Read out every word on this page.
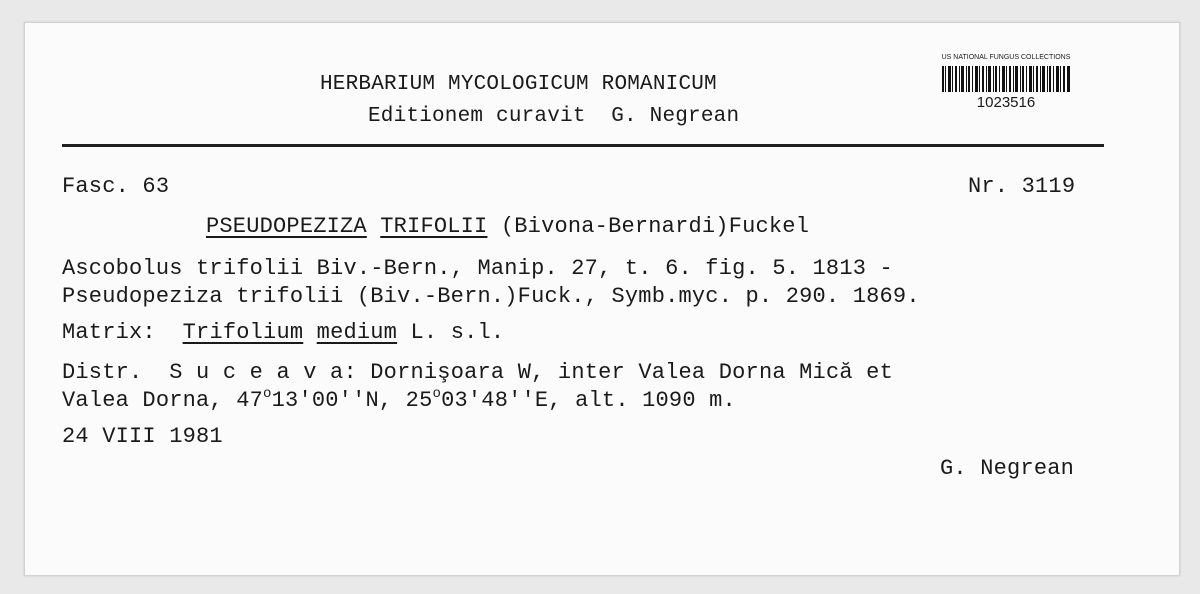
HERBARIUM MYCOLOGICUM ROMANICUM
Editionem curavit  G. Negrean
US NATIONAL FUNGUS COLLECTIONS
1023516
Fasc. 63	Nr. 3119
PSEUDOPEZIZA TRIFOLII (Bivona-Bernardi)Fuckel
Ascobolus trifolii Biv.-Bern., Manip. 27, t. 6. fig. 5. 1813 -
Pseudopeziza trifolii (Biv.-Bern.)Fuck., Symb.myc. p. 290. 1869.
Matrix: Trifolium medium L. s.l.
Distr. S u c e a v a: Dornişoara W, inter Valea Dorna Mică et
Valea Dorna, 47$^o$13'00''N, 25$^o$03'48''E, alt. 1090 m.
24 VIII 1981
G. Negrean
